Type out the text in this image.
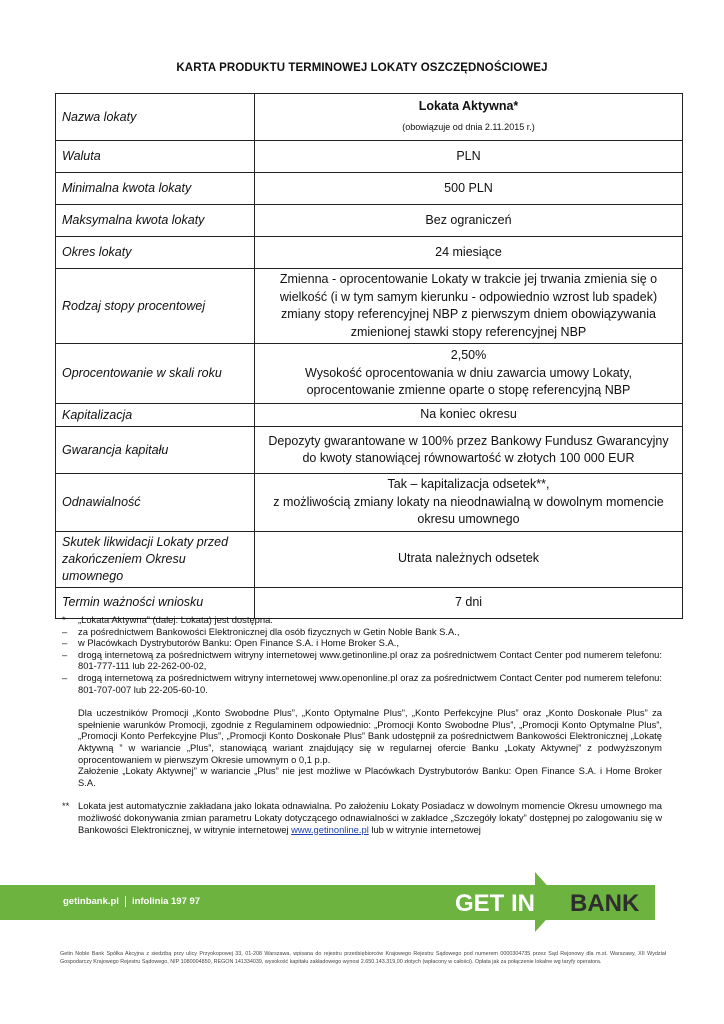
KARTA PRODUKTU TERMINOWEJ LOKATY OSZCZĘDNOŚCIOWEJ
Nazwa lokaty	Lokata Aktywna*
(obowiązuje od dnia 2.11.2015 r.)

Waluta	PLN
Minimalna kwota lokaty	500 PLN
Maksymalna kwota lokaty	Bez ograniczeń
Okres lokaty	24 miesiące
Rodzaj stopy procentowej	Zmienna - oprocentowanie Lokaty w trakcie jej trwania zmienia się o wielkość (i w tym samym kierunku - odpowiednio wzrost lub spadek) zmiany stopy referencyjnej NBP z pierwszym dniem obowiązywania zmienionej stawki stopy referencyjnej NBP
Oprocentowanie w skali roku	2,50%
Wysokość oprocentowania w dniu zawarcia umowy Lokaty, oprocentowanie zmienne oparte o stopę referencyjną NBP

Kapitalizacja	Na koniec okresu
Gwarancja kapitału	Depozyty gwarantowane w 100% przez Bankowy Fundusz Gwarancyjny do kwoty stanowiącej równowartość w złotych 100 000 EUR
Odnawialność	Tak – kapitalizacja odsetek**,
z możliwością zmiany lokaty na nieodnawialną w dowolnym momencie okresu umownego

Skutek likwidacji Lokaty przed zakończeniem Okresu umownego	Utrata należnych odsetek
Termin ważności wniosku	7 dni
*	„Lokata Aktywna” (dalej: Lokata) jest dostępna:
–	za pośrednictwem Bankowości Elektronicznej dla osób fizycznych w Getin Noble Bank S.A.,
–	w Placówkach Dystrybutorów Banku: Open Finance S.A. i Home Broker S.A.,
–	drogą internetową za pośrednictwem witryny internetowej www.getinonline.pl oraz za pośrednictwem Contact Center pod numerem telefonu: 801-777-111 lub 22-262-00-02,
–	drogą internetową za pośrednictwem witryny internetowej www.openonline.pl oraz za pośrednictwem Contact Center pod numerem telefonu: 801-707-007 lub 22-205-60-10.
Dla uczestników Promocji „Konto Swobodne Plus”, „Konto Optymalne Plus”, „Konto Perfekcyjne Plus” oraz „Konto Doskonałe Plus” za spełnienie warunków Promocji, zgodnie z Regulaminem odpowiednio: „Promocji Konto Swobodne Plus”, „Promocji Konto Optymalne Plus”, „Promocji Konto Perfekcyjne Plus”, „Promocji Konto Doskonałe Plus” Bank udostępnił za pośrednictwem Bankowości Elektronicznej „Lokatę Aktywną ” w wariancie „Plus”, stanowiącą wariant znajdujący się w regularnej ofercie Banku „Lokaty Aktywnej” z podwyższonym oprocentowaniem w pierwszym Okresie umownym o 0,1 p.p.
Założenie „Lokaty Aktywnej” w wariancie „Plus” nie jest możliwe w Placówkach Dystrybutorów Banku: Open Finance S.A. i Home Broker S.A.
** Lokata jest automatycznie zakładana jako lokata odnawialna. Po założeniu Lokaty Posiadacz w dowolnym momencie Okresu umownego ma możliwość dokonywania zmian parametru Lokaty dotyczącego odnawialności w zakładce „Szczegóły lokaty” dostępnej po zalogowaniu się w Bankowości Elektronicznej, w witrynie internetowej www.getinonline.pl lub w witrynie internetowej
getinbank.pl infolinia 197 97	GET IN BANK
Getin Noble Bank Spółka Akcyjna z siedzibą przy ulicy Przyokopowej 33, 01-208 Warszawa, wpisana do rejestru przedsiębiorców Krajowego Rejestru Sądowego pod numerem 0000304735 przez Sąd Rejonowy dla m.st. Warszawy, XII Wydział Gospodarczy Krajowego Rejestru Sądowego, NIP 1080004850, REGON 141334039, wysokość kapitału zakładowego wynosi 2.650.143.319,00 złotych (wpłacony w całości). Opłata jak za połączenie lokalne wg taryfy operatora.
